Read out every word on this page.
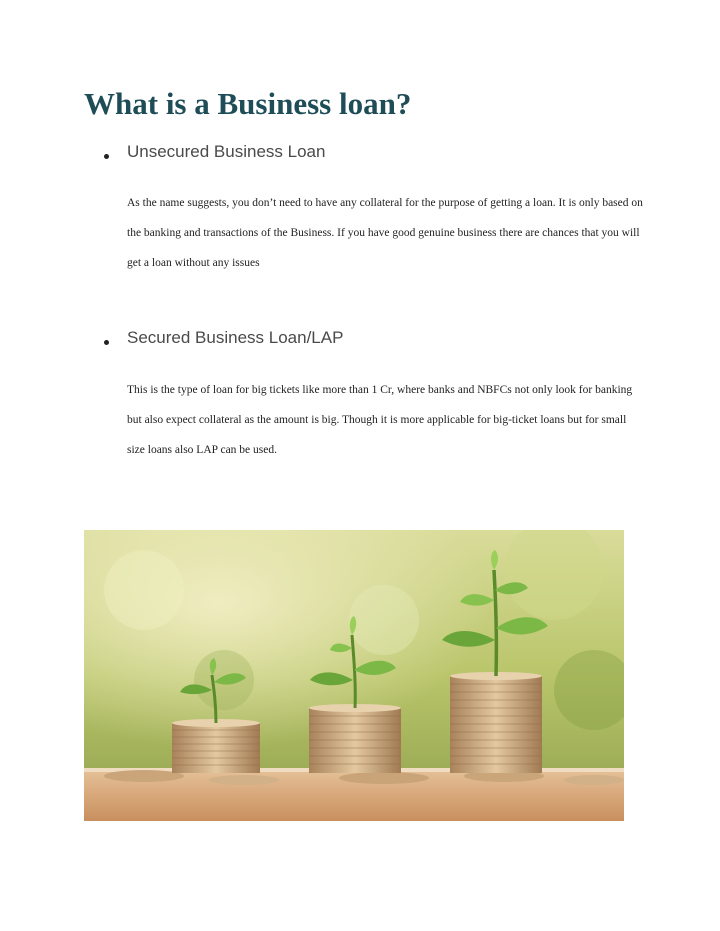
What is a Business loan?
Unsecured Business Loan

As the name suggests, you don’t need to have any collateral for the purpose of getting a loan. It is only based on the banking and transactions of the Business. If you have good genuine business there are chances that you will get a loan without any issues

Secured Business Loan/LAP

This is the type of loan for big tickets like more than 1 Cr, where banks and NBFCs not only look for banking but also expect collateral as the amount is big. Though it is more applicable for big-ticket loans but for small size loans also LAP can be used.
